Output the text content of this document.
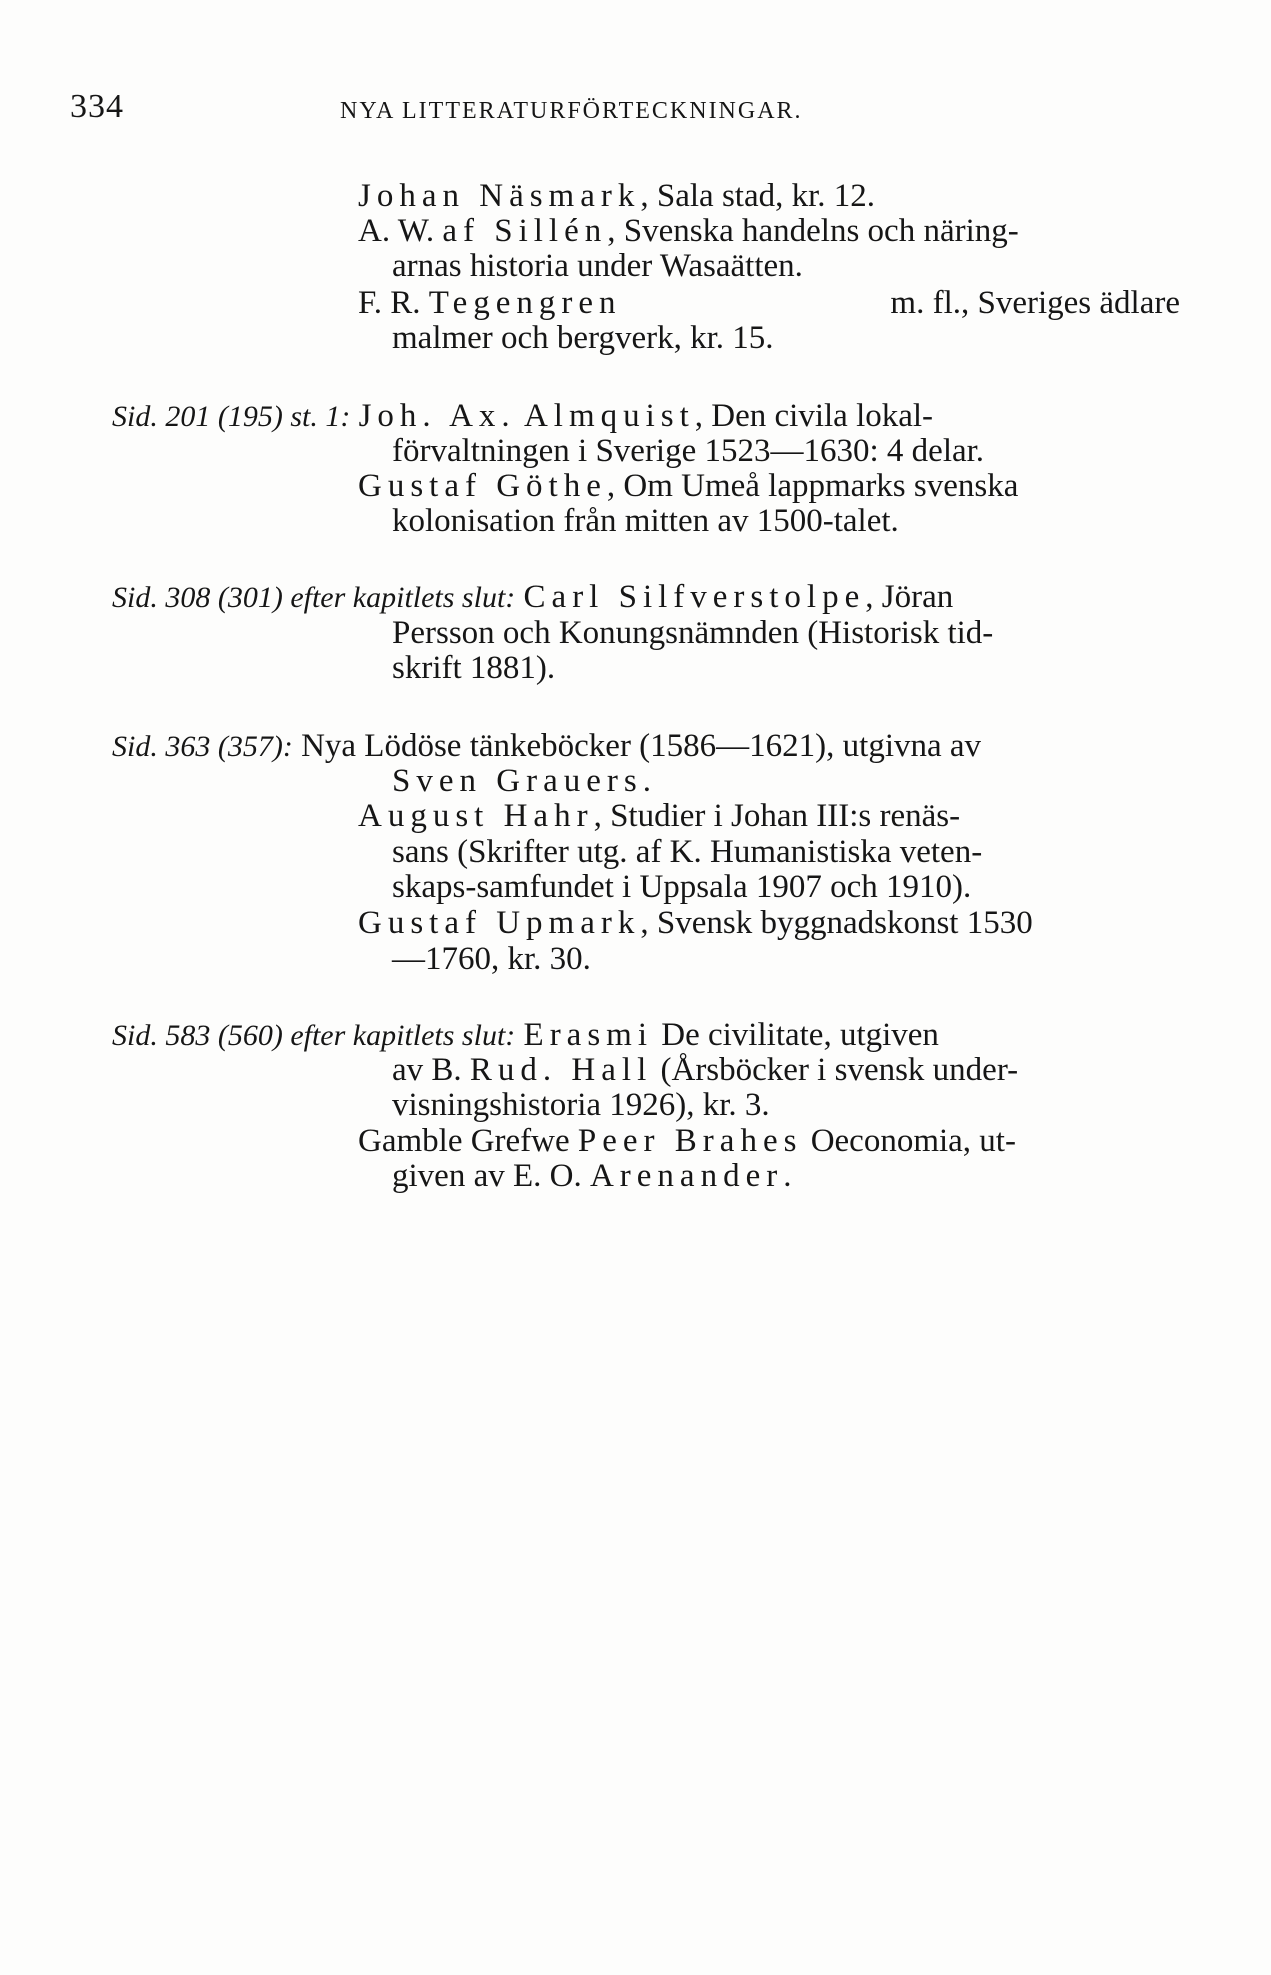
334	NYA LITTERATURFÖRTECKNINGAR.
Johan Näsmark, Sala stad, kr. 12.
A. W. af Sillén, Svenska handelns och näring-
arnas historia under Wasaätten.
F. R. Tegengren	m. fl., Sveriges ädlare
malmer och bergverk, kr. 15.
Sid. 201 (195) st. 1: Joh. Ax. Almquist, Den civila lokal-
förvaltningen i Sverige 1523—1630: 4 delar.
Gustaf Göthe, Om Umeå lappmarks svenska
kolonisation från mitten av 1500-talet.
Sid. 308 (301) efter kapitlets slut: Carl Silfverstolpe, Jöran
Persson och Konungsnämnden (Historisk tid-
skrift 1881).
Sid. 363 (357): Nya Lödöse tänkeböcker (1586—1621), utgivna av
Sven Grauers.
August Hahr, Studier i Johan III:s renäs-
sans (Skrifter utg. af K. Humanistiska veten-
skaps-samfundet i Uppsala 1907 och 1910).
Gustaf Upmark, Svensk byggnadskonst 1530
—1760, kr. 30.
Sid. 583 (560) efter kapitlets slut: Erasmi De civilitate, utgiven
av B. Rud. Hall (Årsböcker i svensk under-
visningshistoria 1926), kr. 3.
Gamble Grefwe Peer Brahes Oeconomia, ut-
given av E. O. Arenander.
